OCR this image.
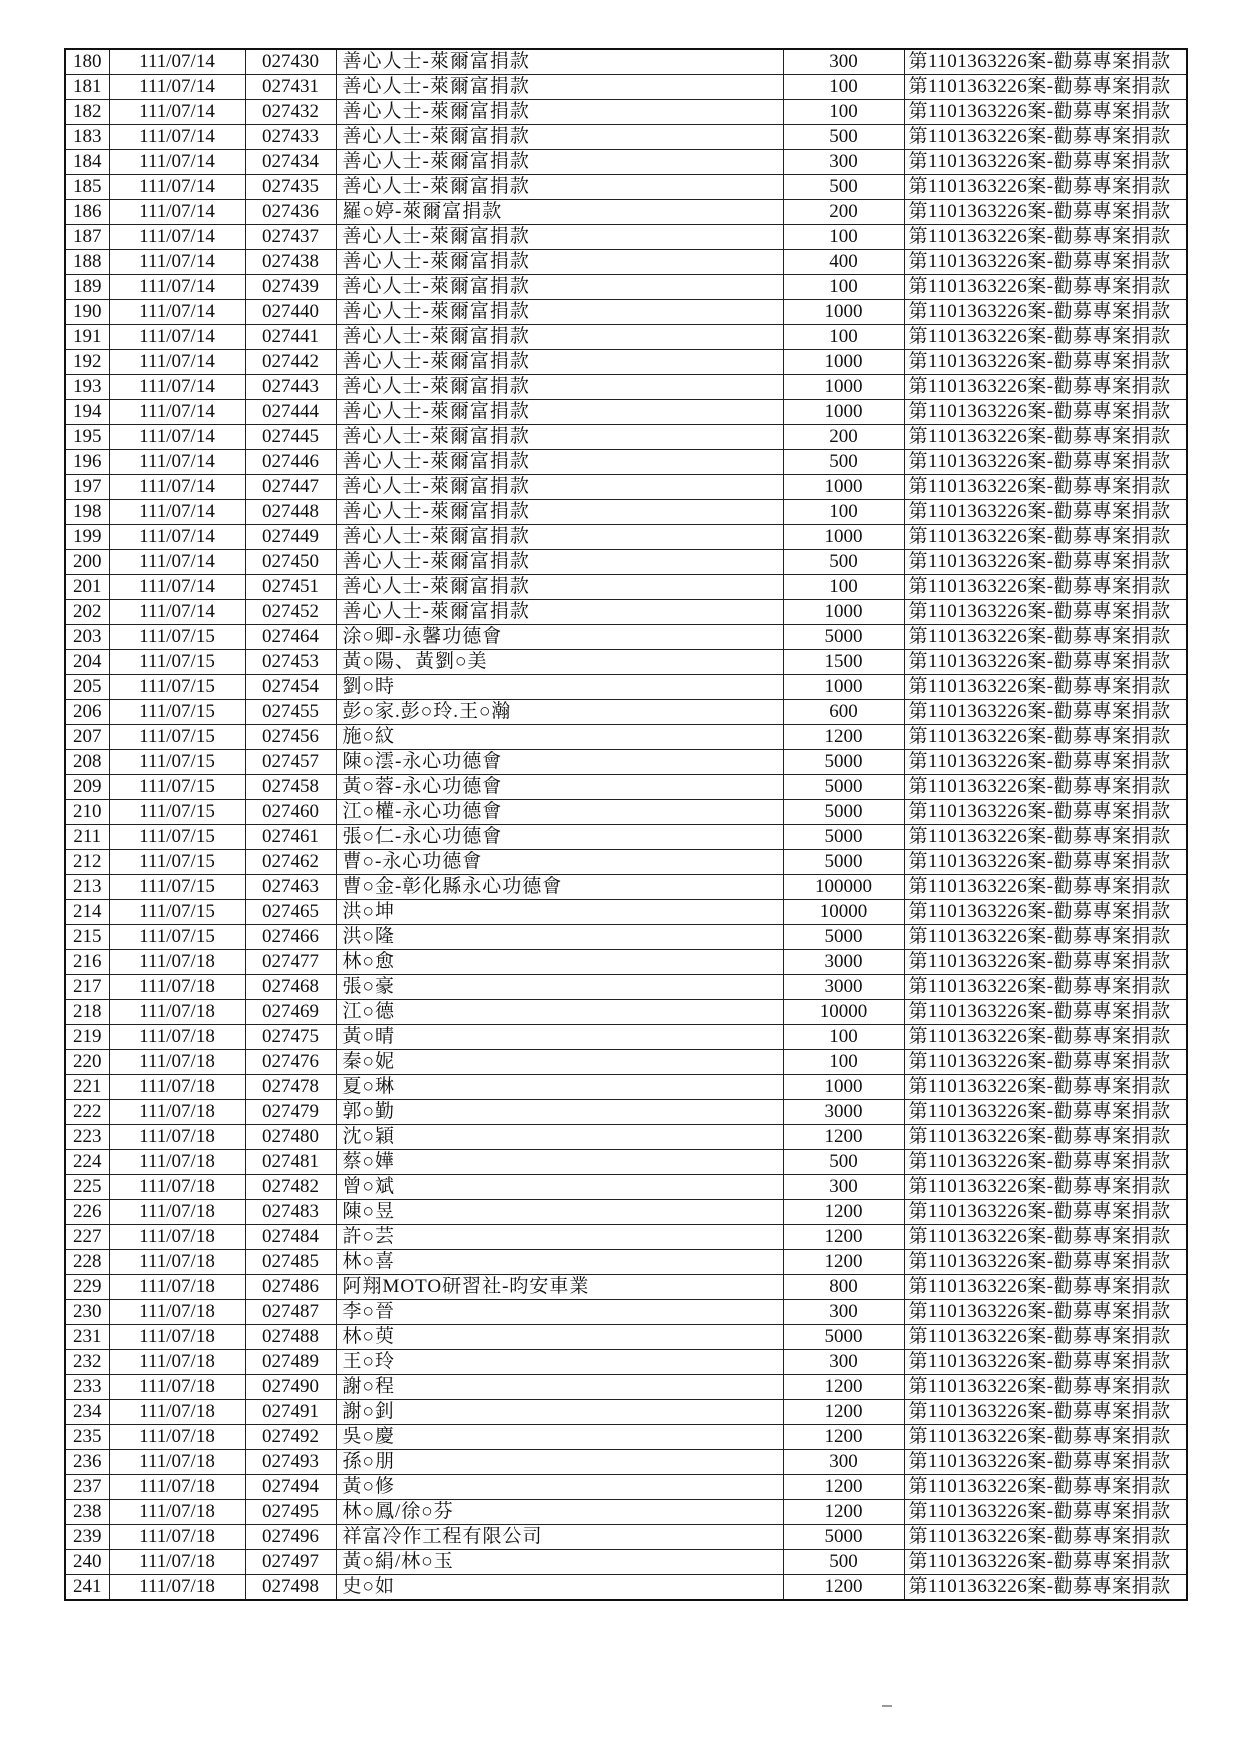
180	111/07/14	027430	善心人士-萊爾富捐款	300	第1101363226案-勸募專案捐款
181	111/07/14	027431	善心人士-萊爾富捐款	100	第1101363226案-勸募專案捐款
182	111/07/14	027432	善心人士-萊爾富捐款	100	第1101363226案-勸募專案捐款
183	111/07/14	027433	善心人士-萊爾富捐款	500	第1101363226案-勸募專案捐款
184	111/07/14	027434	善心人士-萊爾富捐款	300	第1101363226案-勸募專案捐款
185	111/07/14	027435	善心人士-萊爾富捐款	500	第1101363226案-勸募專案捐款
186	111/07/14	027436	羅○婷-萊爾富捐款	200	第1101363226案-勸募專案捐款
187	111/07/14	027437	善心人士-萊爾富捐款	100	第1101363226案-勸募專案捐款
188	111/07/14	027438	善心人士-萊爾富捐款	400	第1101363226案-勸募專案捐款
189	111/07/14	027439	善心人士-萊爾富捐款	100	第1101363226案-勸募專案捐款
190	111/07/14	027440	善心人士-萊爾富捐款	1000	第1101363226案-勸募專案捐款
191	111/07/14	027441	善心人士-萊爾富捐款	100	第1101363226案-勸募專案捐款
192	111/07/14	027442	善心人士-萊爾富捐款	1000	第1101363226案-勸募專案捐款
193	111/07/14	027443	善心人士-萊爾富捐款	1000	第1101363226案-勸募專案捐款
194	111/07/14	027444	善心人士-萊爾富捐款	1000	第1101363226案-勸募專案捐款
195	111/07/14	027445	善心人士-萊爾富捐款	200	第1101363226案-勸募專案捐款
196	111/07/14	027446	善心人士-萊爾富捐款	500	第1101363226案-勸募專案捐款
197	111/07/14	027447	善心人士-萊爾富捐款	1000	第1101363226案-勸募專案捐款
198	111/07/14	027448	善心人士-萊爾富捐款	100	第1101363226案-勸募專案捐款
199	111/07/14	027449	善心人士-萊爾富捐款	1000	第1101363226案-勸募專案捐款
200	111/07/14	027450	善心人士-萊爾富捐款	500	第1101363226案-勸募專案捐款
201	111/07/14	027451	善心人士-萊爾富捐款	100	第1101363226案-勸募專案捐款
202	111/07/14	027452	善心人士-萊爾富捐款	1000	第1101363226案-勸募專案捐款
203	111/07/15	027464	涂○卿-永馨功德會	5000	第1101363226案-勸募專案捐款
204	111/07/15	027453	黃○陽、黃劉○美	1500	第1101363226案-勸募專案捐款
205	111/07/15	027454	劉○時	1000	第1101363226案-勸募專案捐款
206	111/07/15	027455	彭○家.彭○玲.王○瀚	600	第1101363226案-勸募專案捐款
207	111/07/15	027456	施○紋	1200	第1101363226案-勸募專案捐款
208	111/07/15	027457	陳○澐-永心功德會	5000	第1101363226案-勸募專案捐款
209	111/07/15	027458	黃○蓉-永心功德會	5000	第1101363226案-勸募專案捐款
210	111/07/15	027460	江○權-永心功德會	5000	第1101363226案-勸募專案捐款
211	111/07/15	027461	張○仁-永心功德會	5000	第1101363226案-勸募專案捐款
212	111/07/15	027462	曹○-永心功德會	5000	第1101363226案-勸募專案捐款
213	111/07/15	027463	曹○金-彰化縣永心功德會	100000	第1101363226案-勸募專案捐款
214	111/07/15	027465	洪○坤	10000	第1101363226案-勸募專案捐款
215	111/07/15	027466	洪○隆	5000	第1101363226案-勸募專案捐款
216	111/07/18	027477	林○愈	3000	第1101363226案-勸募專案捐款
217	111/07/18	027468	張○豪	3000	第1101363226案-勸募專案捐款
218	111/07/18	027469	江○德	10000	第1101363226案-勸募專案捐款
219	111/07/18	027475	黃○晴	100	第1101363226案-勸募專案捐款
220	111/07/18	027476	秦○妮	100	第1101363226案-勸募專案捐款
221	111/07/18	027478	夏○琳	1000	第1101363226案-勸募專案捐款
222	111/07/18	027479	郭○勤	3000	第1101363226案-勸募專案捐款
223	111/07/18	027480	沈○穎	1200	第1101363226案-勸募專案捐款
224	111/07/18	027481	蔡○嬅	500	第1101363226案-勸募專案捐款
225	111/07/18	027482	曾○斌	300	第1101363226案-勸募專案捐款
226	111/07/18	027483	陳○昱	1200	第1101363226案-勸募專案捐款
227	111/07/18	027484	許○芸	1200	第1101363226案-勸募專案捐款
228	111/07/18	027485	林○喜	1200	第1101363226案-勸募專案捐款
229	111/07/18	027486	阿翔MOTO研習社-昀安車業	800	第1101363226案-勸募專案捐款
230	111/07/18	027487	李○晉	300	第1101363226案-勸募專案捐款
231	111/07/18	027488	林○萸	5000	第1101363226案-勸募專案捐款
232	111/07/18	027489	王○玲	300	第1101363226案-勸募專案捐款
233	111/07/18	027490	謝○程	1200	第1101363226案-勸募專案捐款
234	111/07/18	027491	謝○釗	1200	第1101363226案-勸募專案捐款
235	111/07/18	027492	吳○慶	1200	第1101363226案-勸募專案捐款
236	111/07/18	027493	孫○朋	300	第1101363226案-勸募專案捐款
237	111/07/18	027494	黃○修	1200	第1101363226案-勸募專案捐款
238	111/07/18	027495	林○鳳/徐○芬	1200	第1101363226案-勸募專案捐款
239	111/07/18	027496	祥富冷作工程有限公司	5000	第1101363226案-勸募專案捐款
240	111/07/18	027497	黃○絹/林○玉	500	第1101363226案-勸募專案捐款
241	111/07/18	027498	史○如	1200	第1101363226案-勸募專案捐款
